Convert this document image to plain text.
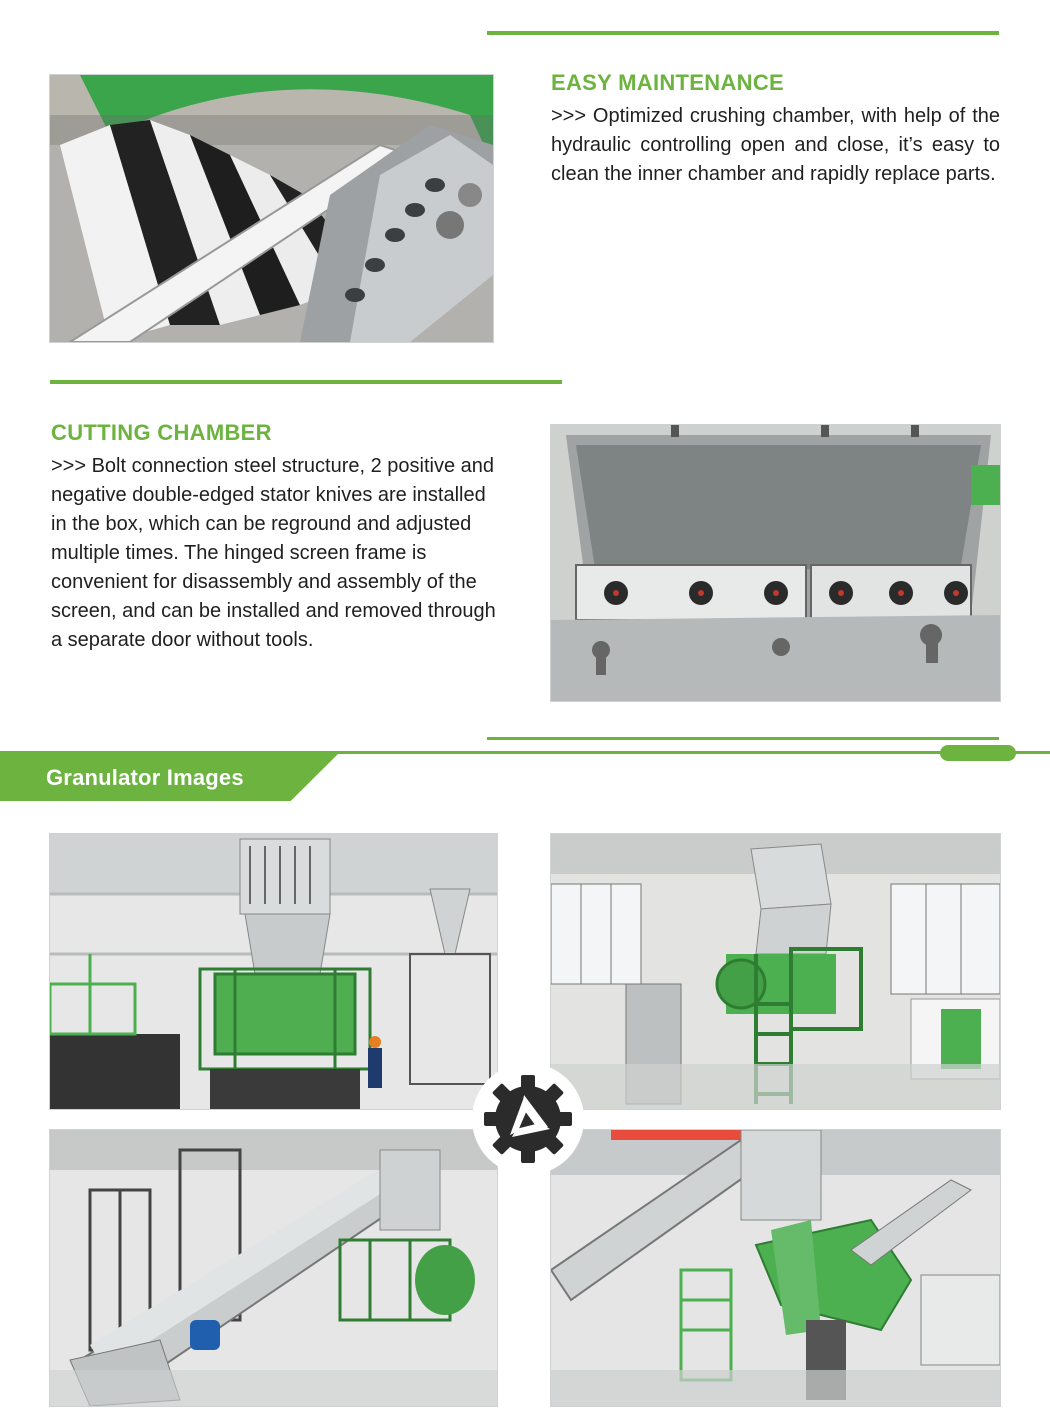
EASY MAINTENANCE
>>> Optimized crushing chamber, with help of the hydraulic controlling open and close, it’s easy to clean the inner chamber and rapidly replace parts.
CUTTING CHAMBER
>>> Bolt connection steel structure, 2 positive and negative double-edged stator knives are installed in the box, which can be reground and adjusted multiple times. The hinged screen frame is convenient for disassembly and assembly of the screen, and can be installed and removed through a separate door without tools.
Granulator Images
